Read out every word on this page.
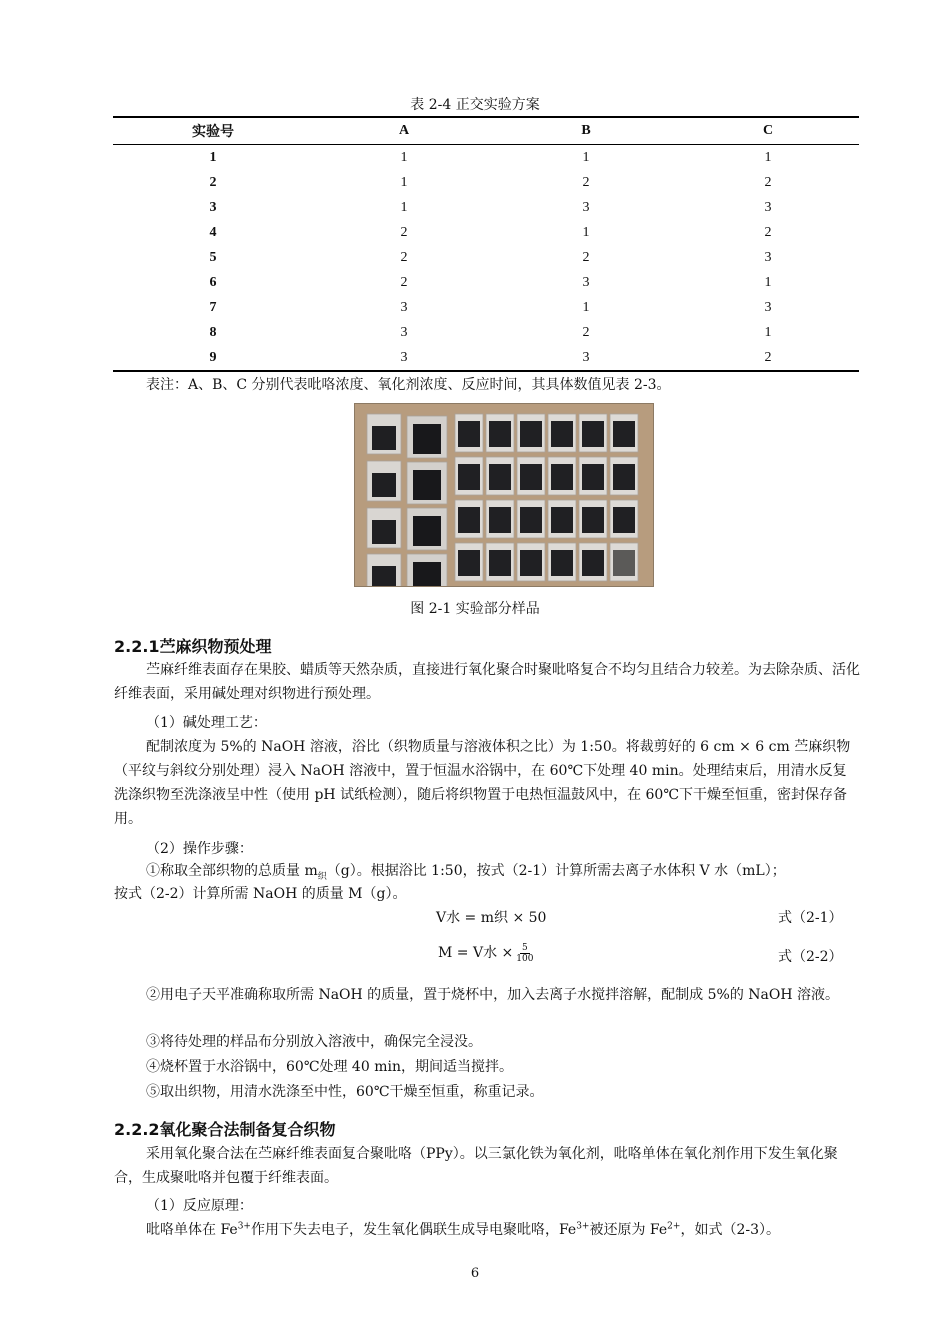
表 2-4 正交实验方案
实验号	A	B	C
1	1	1	1
2	1	2	2
3	1	3	3
4	2	1	2
5	2	2	3
6	2	3	1
7	3	1	3
8	3	2	1
9	3	3	2
表注：A、B、C 分别代表吡咯浓度、氧化剂浓度、反应时间，其具体数值见表 2-3。
图 2-1 实验部分样品
2.2.1苎麻织物预处理
苎麻纤维表面存在果胶、蜡质等天然杂质，直接进行氧化聚合时聚吡咯复合不均匀且结合力较差。为去除杂质、活化纤维表面，采用碱处理对织物进行预处理。
（1）碱处理工艺：
配制浓度为 5%的 NaOH 溶液，浴比（织物质量与溶液体积之比）为 1:50。将裁剪好的 6 cm × 6 cm 苎麻织物（平纹与斜纹分别处理）浸入 NaOH 溶液中，置于恒温水浴锅中，在 60℃下处理 40 min。处理结束后，用清水反复洗涤织物至洗涤液呈中性（使用 pH 试纸检测），随后将织物置于电热恒温鼓风中，在 60℃下干燥至恒重，密封保存备用。
（2）操作步骤：
①称取全部织物的总质量 $m_织(g)$。根据浴比 1:50，按式（2-1）计算所需去离子水体积 V 水（mL）；
按式（2-2）计算所需 NaOH 的质量 M（g）。
V水 = m织 × 50	式（2-1）
M = V水 × $\frac{5}{100}$	式（2-2）
②用电子天平准确称取所需 NaOH 的质量，置于烧杯中，加入去离子水搅拌溶解，配制成 5%的 NaOH 溶液。
③将待处理的样品布分别放入溶液中，确保完全浸没。
④烧杯置于水浴锅中，60℃处理 40 min，期间适当搅拌。
⑤取出织物，用清水洗涤至中性，60℃干燥至恒重，称重记录。
2.2.2氧化聚合法制备复合织物
采用氧化聚合法在苎麻纤维表面复合聚吡咯（PPy）。以三氯化铁为氧化剂，吡咯单体在氧化剂作用下发生氧化聚合，生成聚吡咯并包覆于纤维表面。
（1）反应原理：
吡咯单体在 $Fe^{3+}$作用下失去电子，发生氧化偶联生成导电聚吡咯，$Fe^{3+}$被还原为 $Fe^{2+}$，如式（2-3）。
6
